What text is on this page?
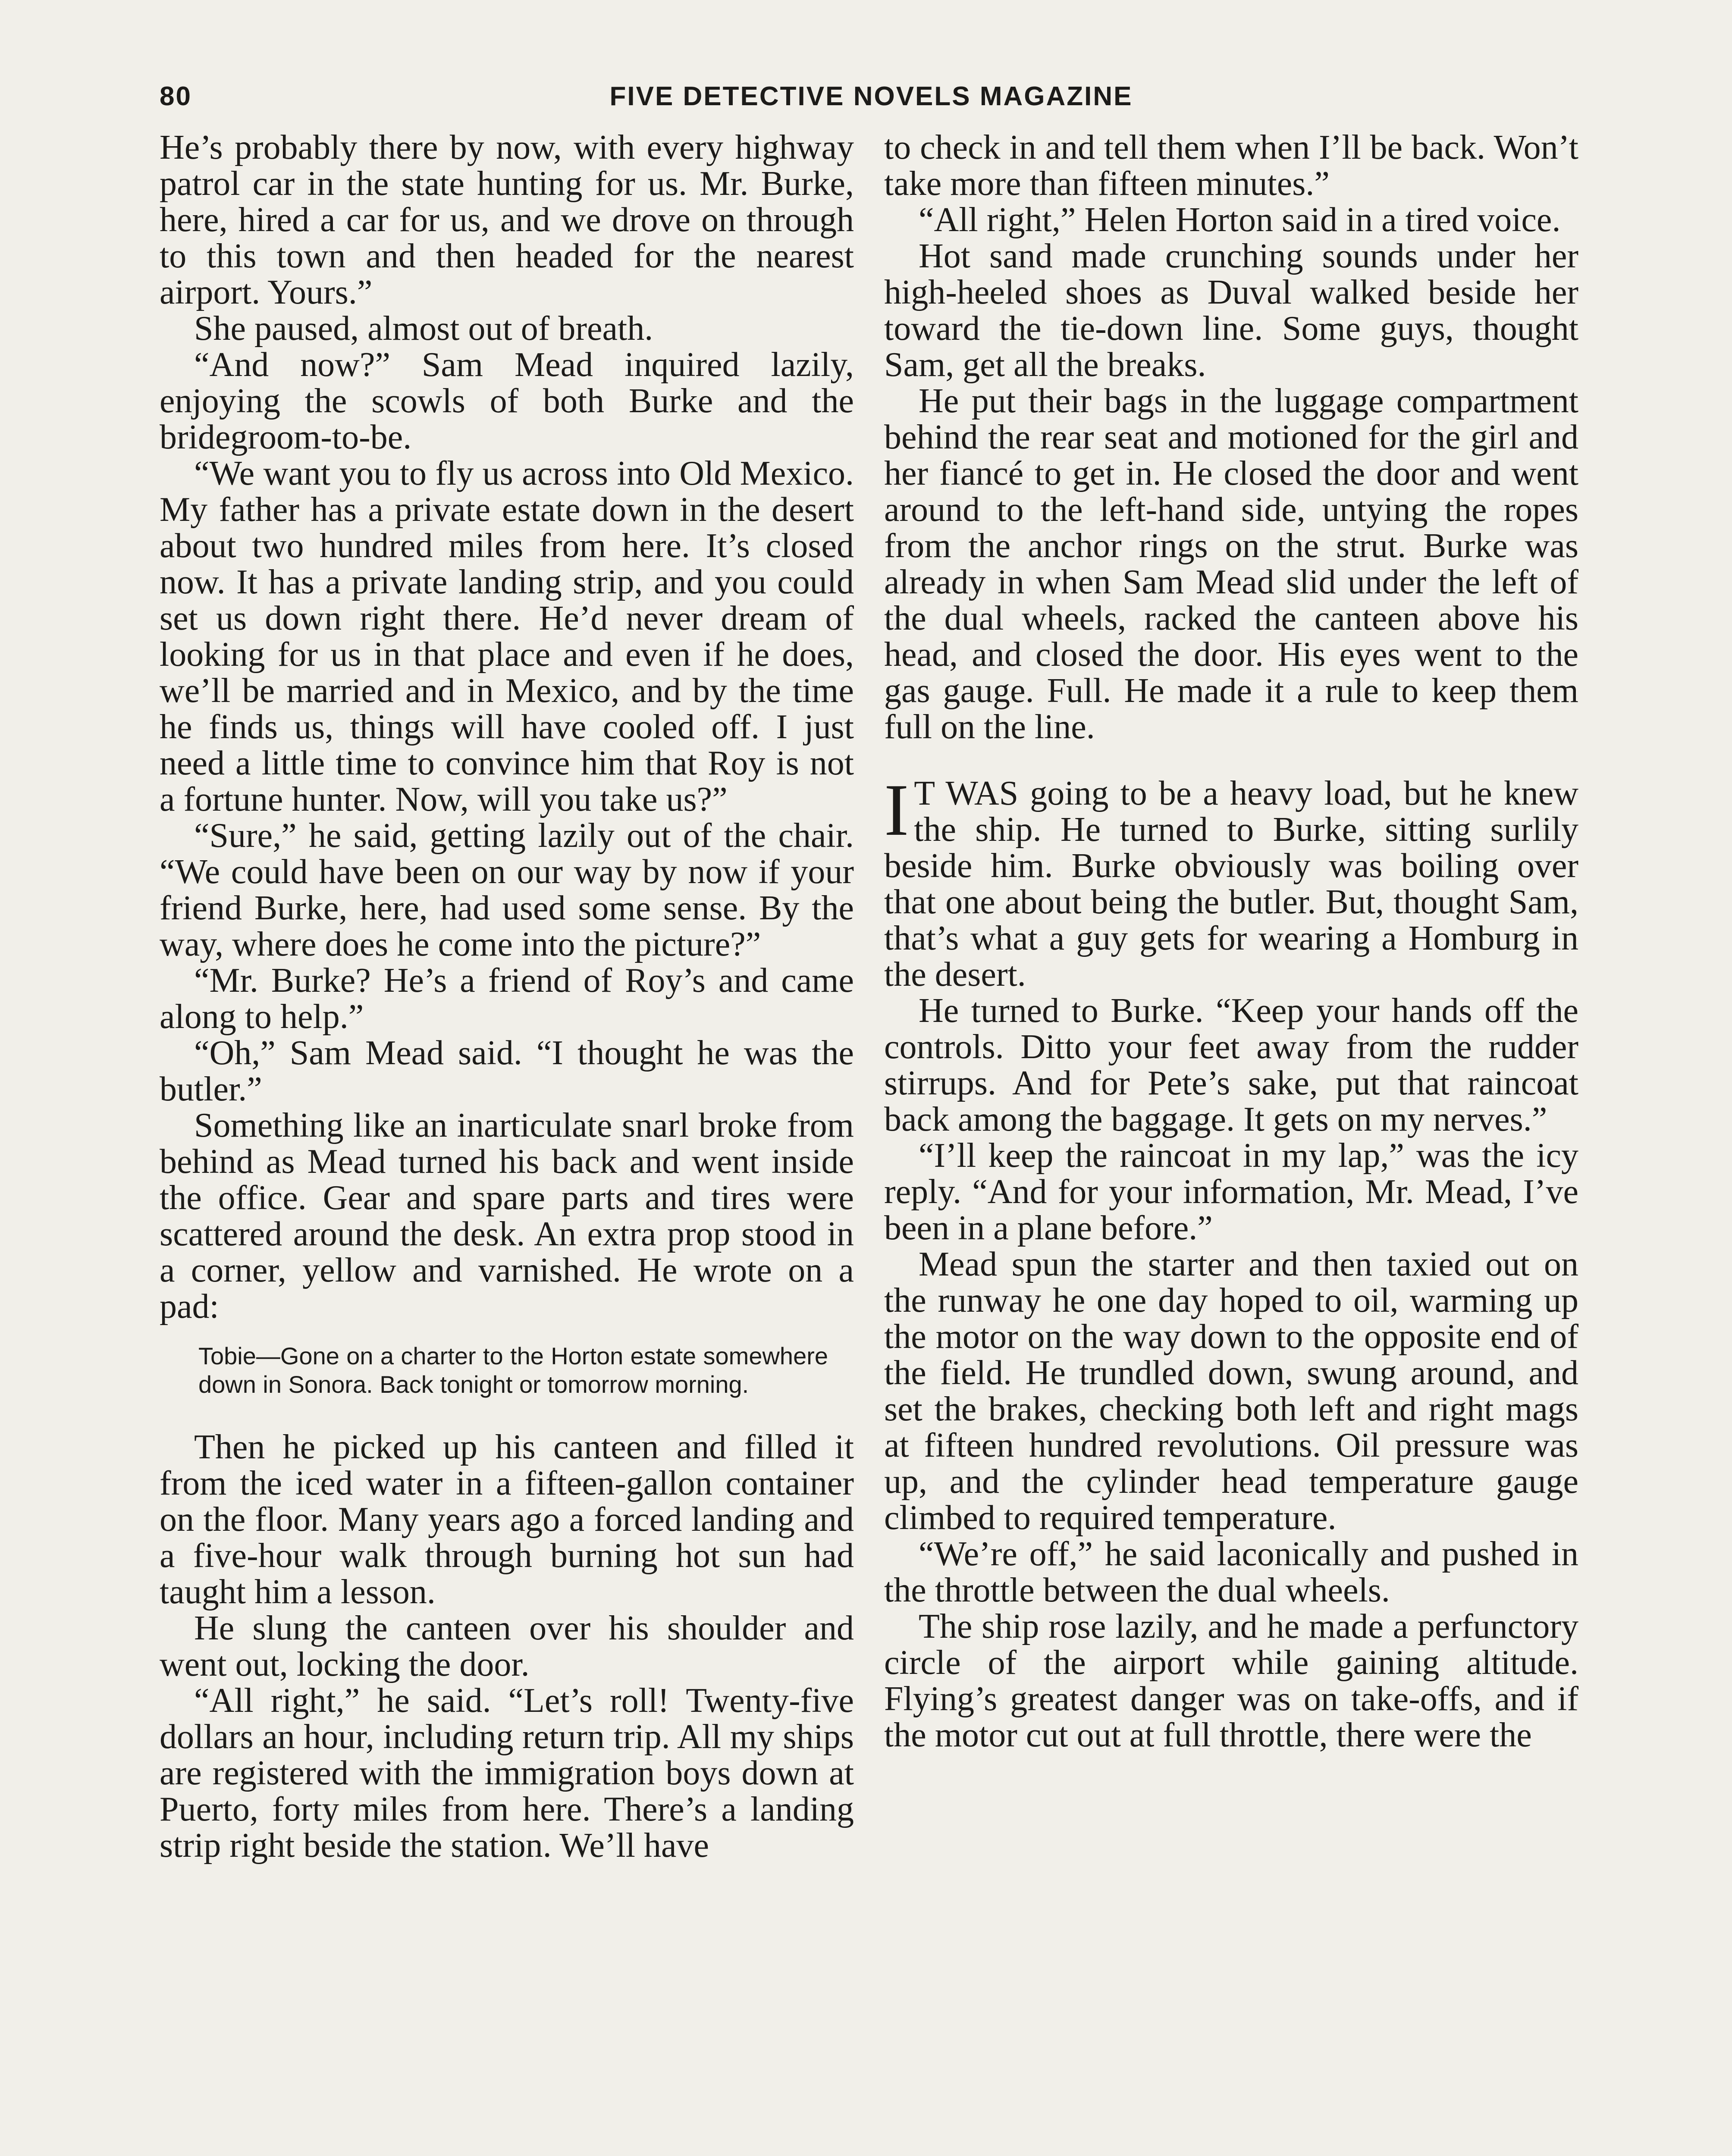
80	FIVE DETECTIVE NOVELS MAGAZINE

He’s probably there by now, with every highway patrol car in the state hunting for us. Mr. Burke, here, hired a car for us, and we drove on through to this town and then headed for the nearest airport. Yours.”

She paused, almost out of breath.

“And now?” Sam Mead inquired lazily, enjoying the scowls of both Burke and the bridegroom-to-be.

“We want you to fly us across into Old Mexico. My father has a private estate down in the desert about two hundred miles from here. It’s closed now. It has a private landing strip, and you could set us down right there. He’d never dream of looking for us in that place and even if he does, we’ll be married and in Mexico, and by the time he finds us, things will have cooled off. I just need a little time to convince him that Roy is not a fortune hunter. Now, will you take us?”

“Sure,” he said, getting lazily out of the chair. “We could have been on our way by now if your friend Burke, here, had used some sense. By the way, where does he come into the picture?”

“Mr. Burke? He’s a friend of Roy’s and came along to help.”

“Oh,” Sam Mead said. “I thought he was the butler.”

Something like an inarticulate snarl broke from behind as Mead turned his back and went inside the office. Gear and spare parts and tires were scattered around the desk. An extra prop stood in a corner, yellow and varnished. He wrote on a pad:

Tobie—Gone on a charter to the Horton estate somewhere down in Sonora. Back tonight or tomorrow morning.

Then he picked up his canteen and filled it from the iced water in a fifteen-gallon container on the floor. Many years ago a forced landing and a five-hour walk through burning hot sun had taught him a lesson.

He slung the canteen over his shoulder and went out, locking the door.

“All right,” he said. “Let’s roll! Twenty-five dollars an hour, including return trip. All my ships are registered with the immigration boys down at Puerto, forty miles from here. There’s a landing strip right beside the station. We’ll have

to check in and tell them when I’ll be back. Won’t take more than fifteen minutes.”

“All right,” Helen Horton said in a tired voice.

Hot sand made crunching sounds under her high-heeled shoes as Duval walked beside her toward the tie-down line. Some guys, thought Sam, get all the breaks.

He put their bags in the luggage compartment behind the rear seat and motioned for the girl and her fiancé to get in. He closed the door and went around to the left-hand side, untying the ropes from the anchor rings on the strut. Burke was already in when Sam Mead slid under the left of the dual wheels, racked the canteen above his head, and closed the door. His eyes went to the gas gauge. Full. He made it a rule to keep them full on the line.

I T WAS going to be a heavy load, but he knew the ship. He turned to Burke, sitting surlily beside him. Burke obviously was boiling over that one about being the butler. But, thought Sam, that’s what a guy gets for wearing a Homburg in the desert.

He turned to Burke. “Keep your hands off the controls. Ditto your feet away from the rudder stirrups. And for Pete’s sake, put that raincoat back among the baggage. It gets on my nerves.”

“I’ll keep the raincoat in my lap,” was the icy reply. “And for your information, Mr. Mead, I’ve been in a plane before.”

Mead spun the starter and then taxied out on the runway he one day hoped to oil, warming up the motor on the way down to the opposite end of the field. He trundled down, swung around, and set the brakes, checking both left and right mags at fifteen hundred revolutions. Oil pressure was up, and the cylinder head temperature gauge climbed to required temperature.

“We’re off,” he said laconically and pushed in the throttle between the dual wheels.

The ship rose lazily, and he made a perfunctory circle of the airport while gaining altitude. Flying’s greatest danger was on take-offs, and if the motor cut out at full throttle, there were the
